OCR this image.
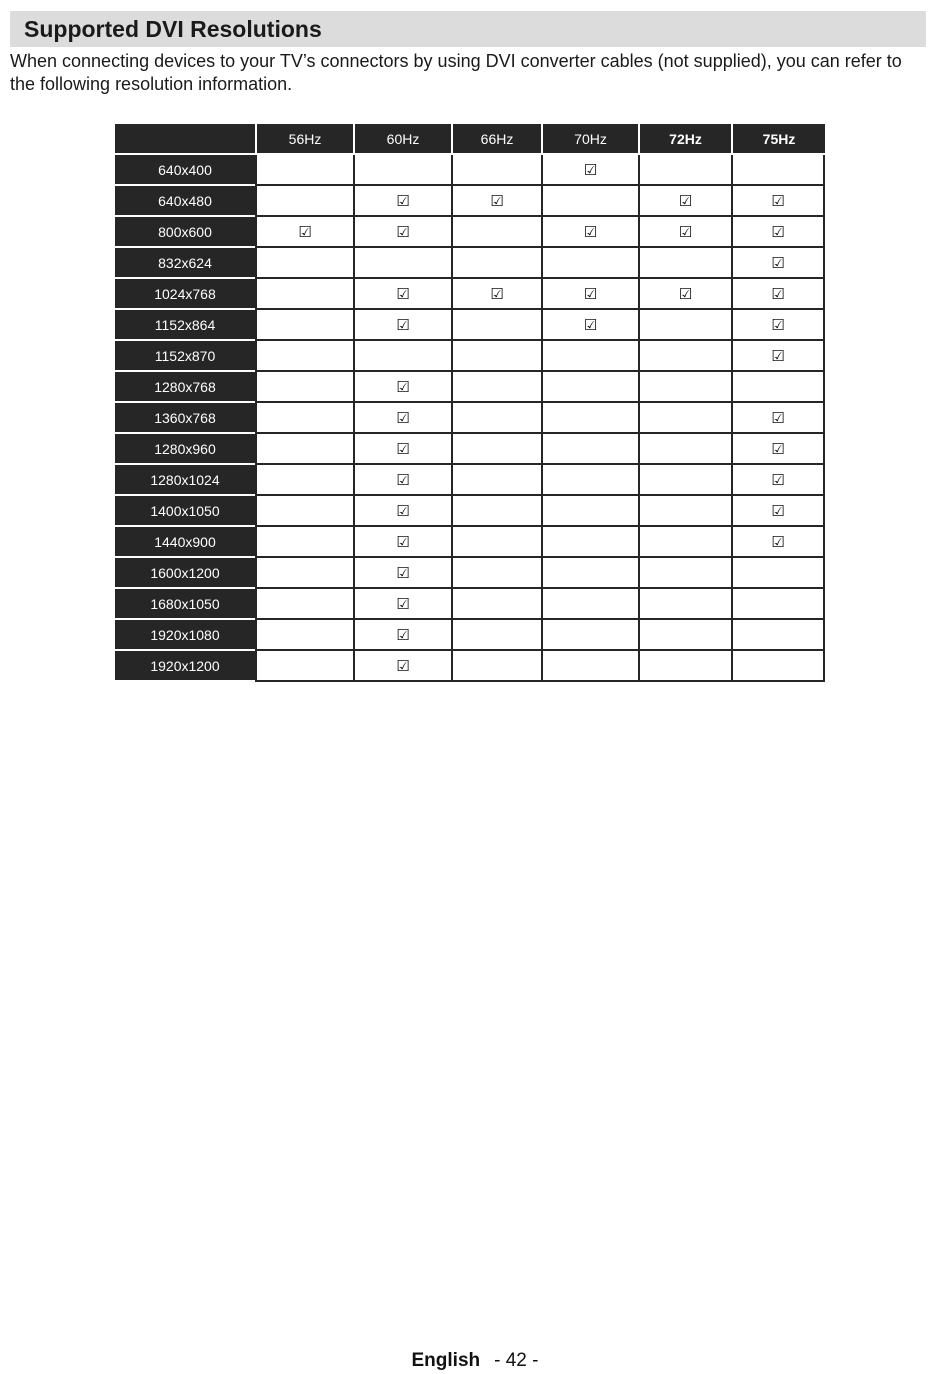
Supported DVI Resolutions
When connecting devices to your TV’s connectors by using DVI converter cables (not supplied), you can refer to the following resolution information.
	56Hz	60Hz	66Hz	70Hz	72Hz	75Hz
640x400				☑		
640x480		☑	☑		☑	☑
800x600	☑	☑		☑	☑	☑
832x624						☑
1024x768		☑	☑	☑	☑	☑
1152x864		☑		☑		☑
1152x870						☑
1280x768		☑				
1360x768		☑				☑
1280x960		☑				☑
1280x1024		☑				☑
1400x1050		☑				☑
1440x900		☑				☑
1600x1200		☑				
1680x1050		☑				
1920x1080		☑				
1920x1200		☑				
English - 42 -
